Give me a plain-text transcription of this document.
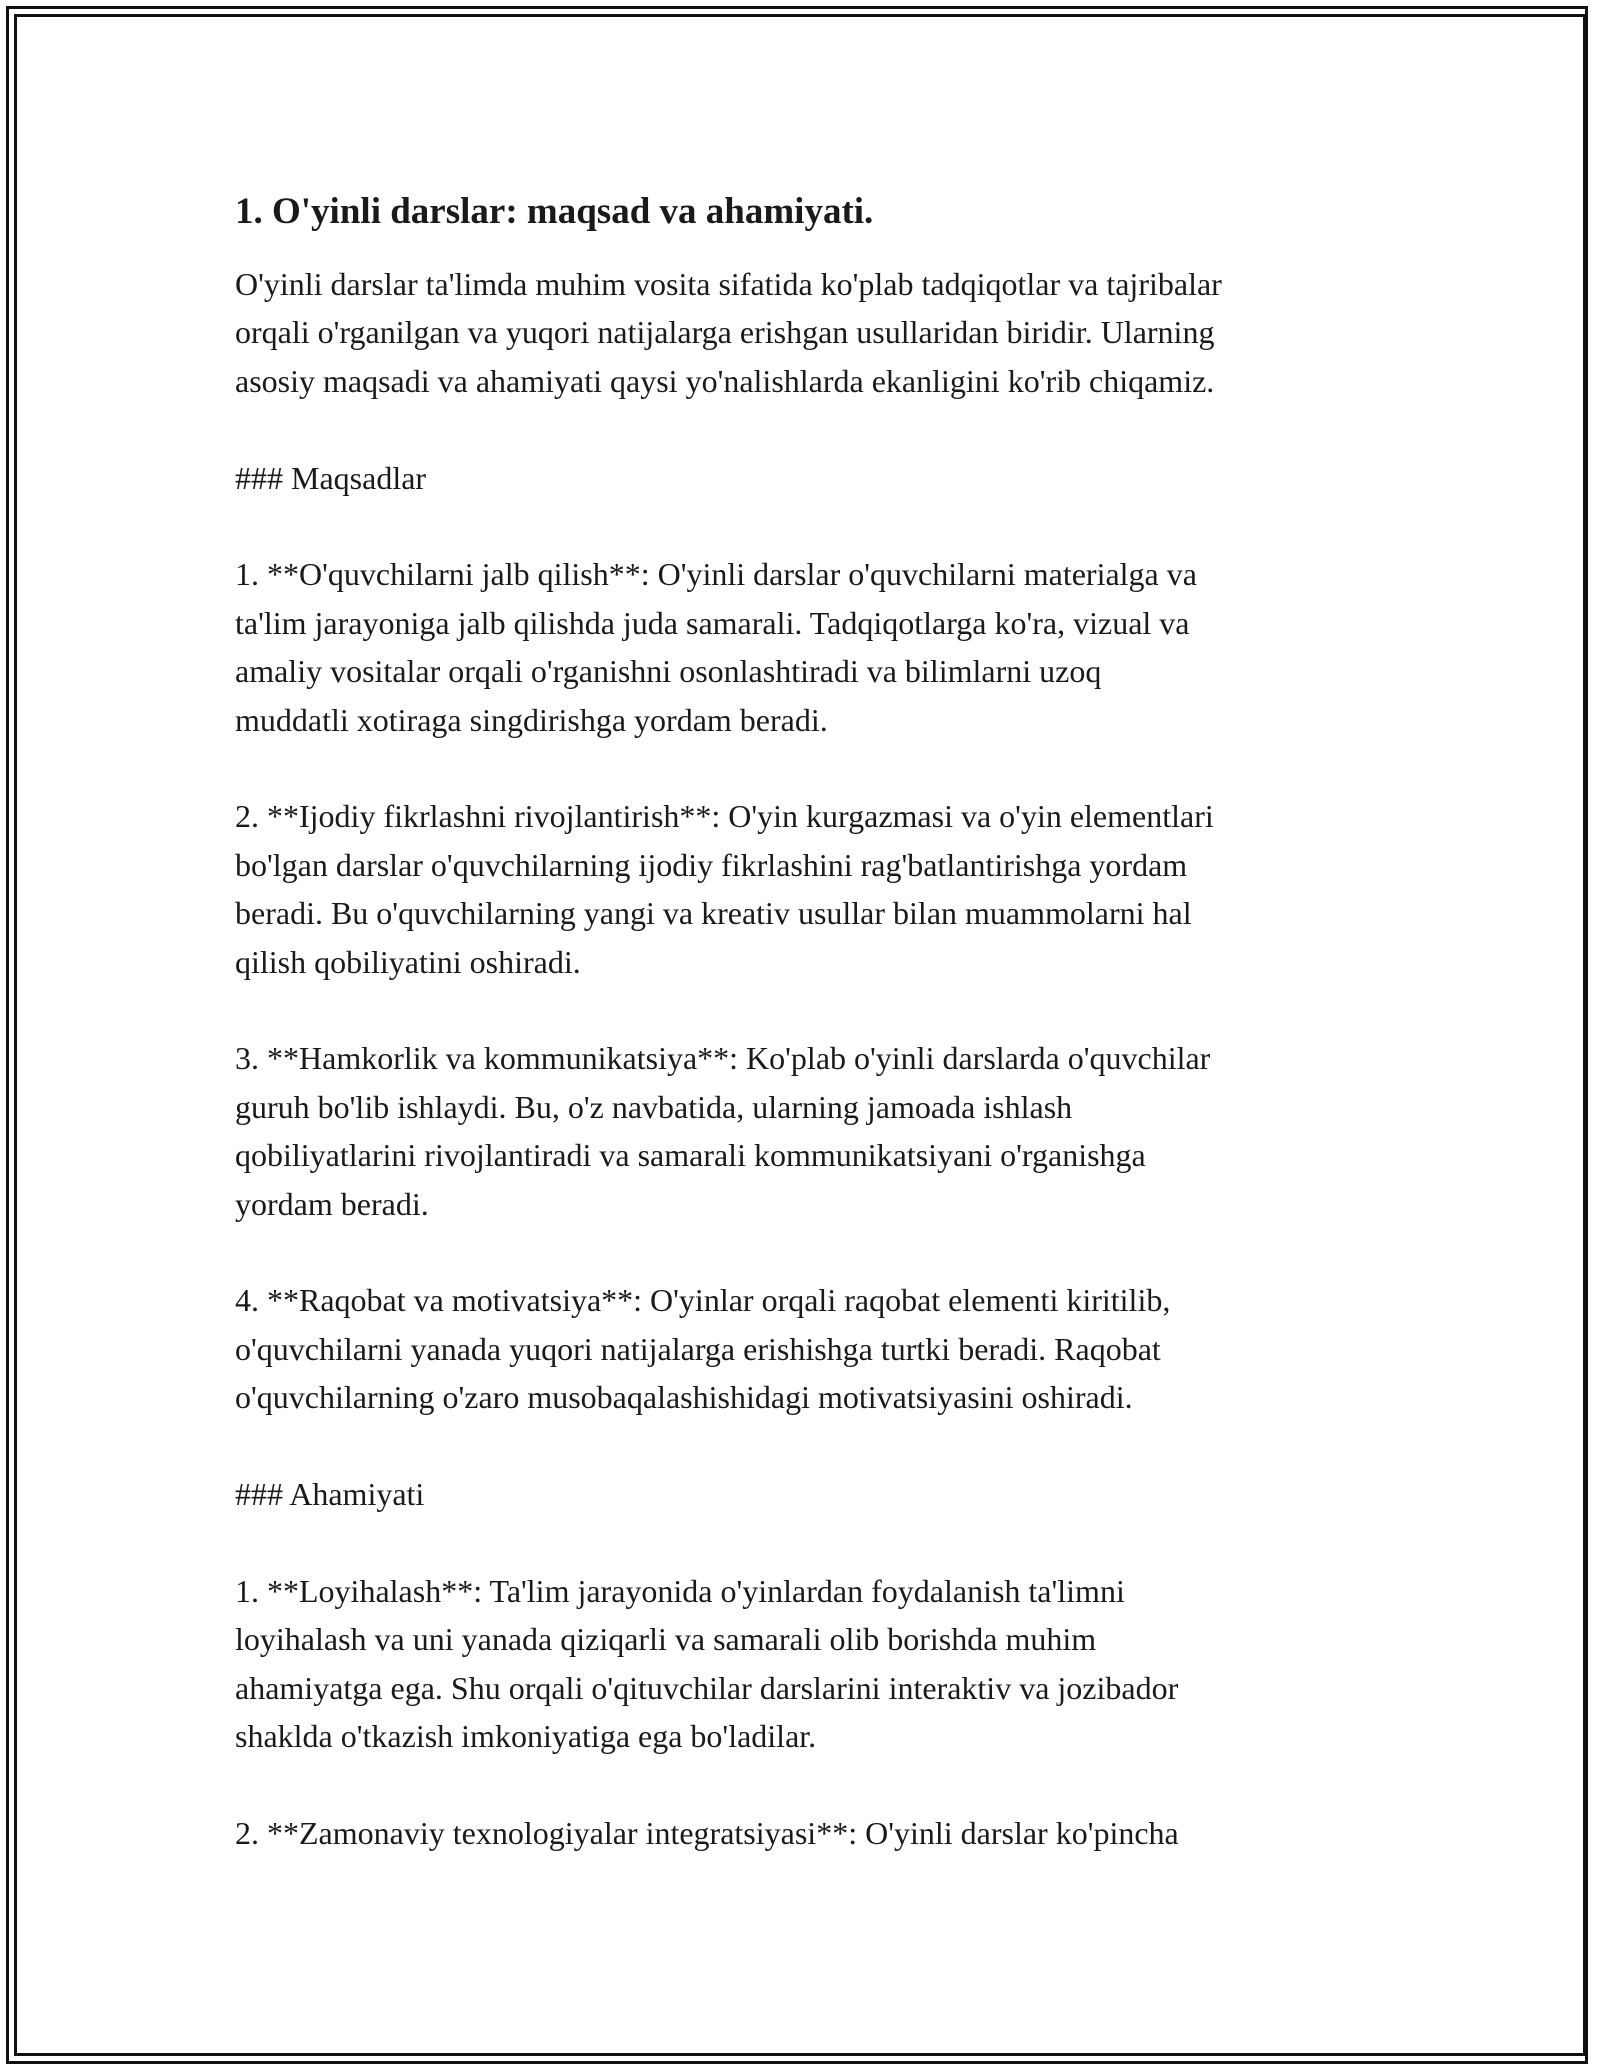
1. O'yinli darslar: maqsad va ahamiyati.
O'yinli darslar ta'limda muhim vosita sifatida ko'plab tadqiqotlar va tajribalar
orqali o'rganilgan va yuqori natijalarga erishgan usullaridan biridir. Ularning
asosiy maqsadi va ahamiyati qaysi yo'nalishlarda ekanligini ko'rib chiqamiz.
### Maqsadlar
1. **O'quvchilarni jalb qilish**: O'yinli darslar o'quvchilarni materialga va
ta'lim jarayoniga jalb qilishda juda samarali. Tadqiqotlarga ko'ra, vizual va
amaliy vositalar orqali o'rganishni osonlashtiradi va bilimlarni uzoq
muddatli xotiraga singdirishga yordam beradi.
2. **Ijodiy fikrlashni rivojlantirish**: O'yin kurgazmasi va o'yin elementlari
bo'lgan darslar o'quvchilarning ijodiy fikrlashini rag'batlantirishga yordam
beradi. Bu o'quvchilarning yangi va kreativ usullar bilan muammolarni hal
qilish qobiliyatini oshiradi.
3. **Hamkorlik va kommunikatsiya**: Ko'plab o'yinli darslarda o'quvchilar
guruh bo'lib ishlaydi. Bu, o'z navbatida, ularning jamoada ishlash
qobiliyatlarini rivojlantiradi va samarali kommunikatsiyani o'rganishga
yordam beradi.
4. **Raqobat va motivatsiya**: O'yinlar orqali raqobat elementi kiritilib,
o'quvchilarni yanada yuqori natijalarga erishishga turtki beradi. Raqobat
o'quvchilarning o'zaro musobaqalashishidagi motivatsiyasini oshiradi.
### Ahamiyati
1. **Loyihalash**: Ta'lim jarayonida o'yinlardan foydalanish ta'limni
loyihalash va uni yanada qiziqarli va samarali olib borishda muhim
ahamiyatga ega. Shu orqali o'qituvchilar darslarini interaktiv va jozibador
shaklda o'tkazish imkoniyatiga ega bo'ladilar.
2. **Zamonaviy texnologiyalar integratsiyasi**: O'yinli darslar ko'pincha
